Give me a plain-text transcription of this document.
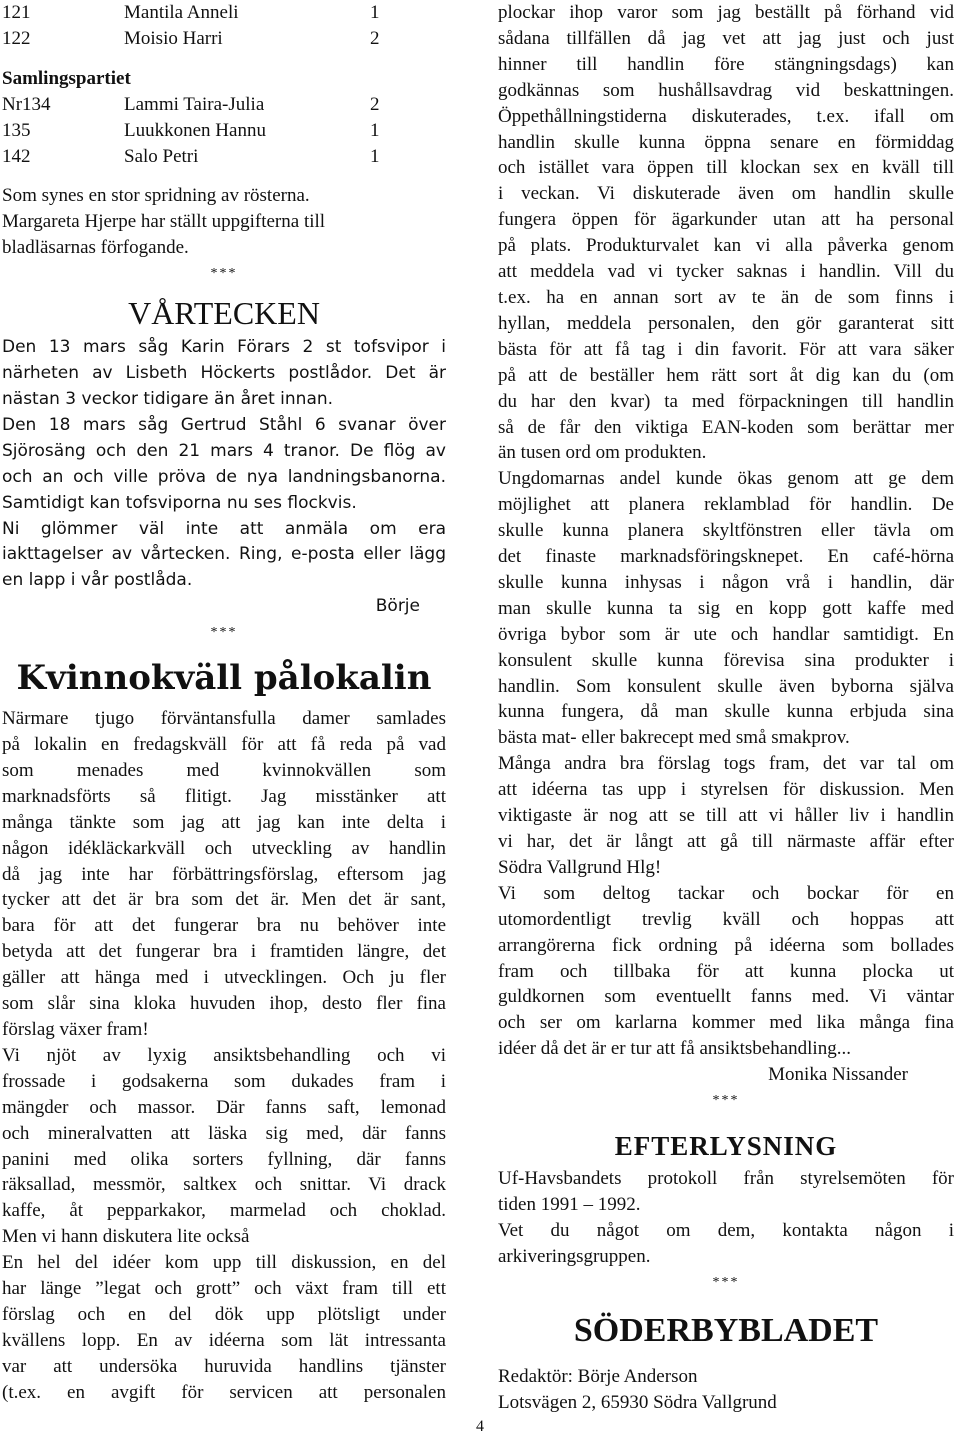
121	Mantila Anneli	1
122	Moisio Harri	2
Samlingspartiet
Nr134	Lammi Taira-Julia	2
135	Luukkonen Hannu	1
142	Salo Petri	1
Som synes en stor spridning av rösterna.
Margareta Hjerpe har ställt uppgifterna till
bladläsarnas förfogande.
***
VÅRTECKEN
Den 13 mars såg Karin Förars 2 st tofsvipor i
närheten av Lisbeth Höckerts postlådor. Det är
nästan 3 veckor tidigare än året innan.
Den 18 mars såg Gertrud Ståhl 6 svanar över
Sjörosäng och den 21 mars 4 tranor. De flög av
och an och ville pröva de nya landningsbanorna.
Samtidigt kan tofsviporna nu ses flockvis.
Ni glömmer väl inte att anmäla om era
iakttagelser av vårtecken. Ring, e-posta eller lägg
en lapp i vår postlåda.
Börje
***
Kvinnokväll pålokalin
Närmare tjugo förväntansfulla damer samlades
på lokalin en fredagskväll för att få reda på vad
som menades med kvinnokvällen som
marknadsförts så flitigt. Jag misstänker att
många tänkte som jag att jag kan inte delta i
någon idékläckarkväll och utveckling av handlin
då jag inte har förbättringsförslag, eftersom jag
tycker att det är bra som det är. Men det är sant,
bara för att det fungerar bra nu behöver inte
betyda att det fungerar bra i framtiden längre, det
gäller att hänga med i utvecklingen. Och ju fler
som slår sina kloka huvuden ihop, desto fler fina
förslag växer fram!
Vi njöt av lyxig ansiktsbehandling och vi
frossade i godsakerna som dukades fram i
mängder och massor. Där fanns saft, lemonad
och mineralvatten att läska sig med, där fanns
panini med olika sorters fyllning, där fanns
räksallad, messmör, saltkex och snittar. Vi drack
kaffe, åt pepparkakor, marmelad och choklad.
Men vi hann diskutera lite också
En hel del idéer kom upp till diskussion, en del
har länge ”legat och grott” och växt fram till ett
förslag och en del dök upp plötsligt under
kvällens lopp. En av idéerna som lät intressanta
var att undersöka huruvida handlins tjänster
(t.ex. en avgift för servicen att personalen
plockar ihop varor som jag beställt på förhand vid
sådana tillfällen då jag vet att jag just och just
hinner till handlin före stängningsdags) kan
godkännas som hushållsavdrag vid beskattningen.
Öppethållningstiderna diskuterades, t.ex. ifall om
handlin skulle kunna öppna senare en förmiddag
och istället vara öppen till klockan sex en kväll till
i veckan. Vi diskuterade även om handlin skulle
fungera öppen för ägarkunder utan att ha personal
på plats. Produkturvalet kan vi alla påverka genom
att meddela vad vi tycker saknas i handlin. Vill du
t.ex. ha en annan sort av te än de som finns i
hyllan, meddela personalen, den gör garanterat sitt
bästa för att få tag i din favorit. För att vara säker
på att de beställer hem rätt sort åt dig kan du (om
du har den kvar) ta med förpackningen till handlin
så de får den viktiga EAN-koden som berättar mer
än tusen ord om produkten.
Ungdomarnas andel kunde ökas genom att ge dem
möjlighet att planera reklamblad för handlin. De
skulle kunna planera skyltfönstren eller tävla om
det finaste marknadsföringsknepet. En café-hörna
skulle kunna inhysas i någon vrå i handlin, där
man skulle kunna ta sig en kopp gott kaffe med
övriga bybor som är ute och handlar samtidigt. En
konsulent skulle kunna förevisa sina produkter i
handlin. Som konsulent skulle även byborna själva
kunna fungera, då man skulle kunna erbjuda sina
bästa mat- eller bakrecept med små smakprov.
Många andra bra förslag togs fram, det var tal om
att idéerna tas upp i styrelsen för diskussion. Men
viktigaste är nog att se till att vi håller liv i handlin
vi har, det är långt att gå till närmaste affär efter
Södra Vallgrund Hlg!
Vi som deltog tackar och bockar för en
utomordentligt trevlig kväll och hoppas att
arrangörerna fick ordning på idéerna som bollades
fram och tillbaka för att kunna plocka ut
guldkornen som eventuellt fanns med. Vi väntar
och ser om karlarna kommer med lika många fina
idéer då det är er tur att få ansiktsbehandling...
Monika Nissander
***
EFTERLYSNING
Uf-Havsbandets protokoll från styrelsemöten för
tiden 1991 – 1992.
Vet du något om dem, kontakta någon i
arkiveringsgruppen.
***
SÖDERBYBLADET
Redaktör: Börje Anderson
Lotsvägen 2, 65930 Södra Vallgrund
4
